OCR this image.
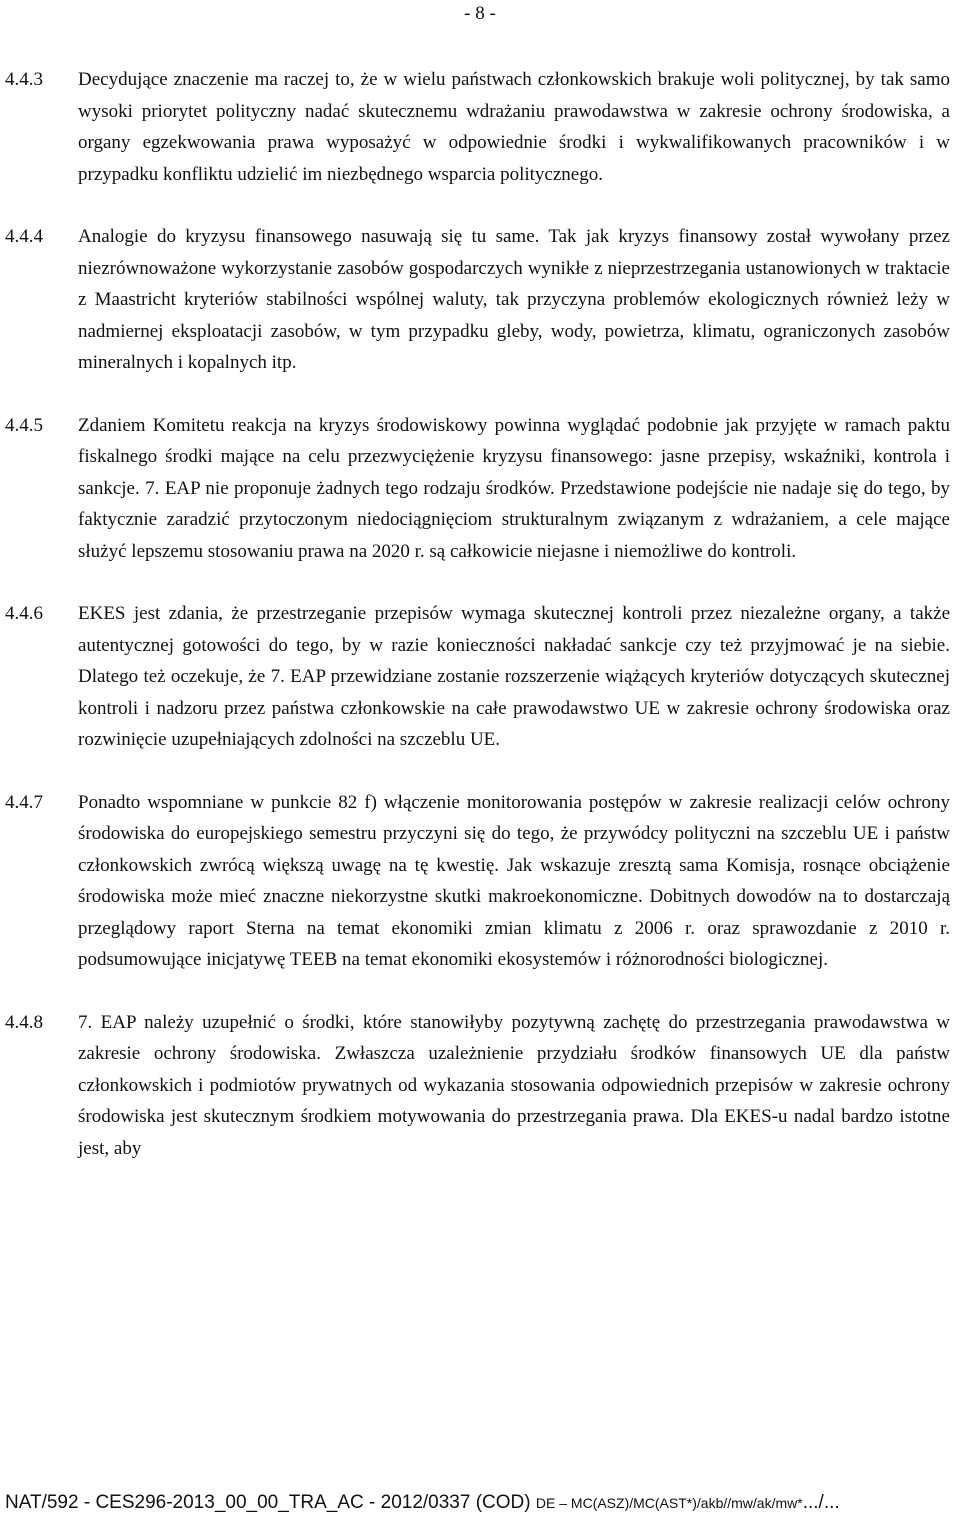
- 8 -
4.4.3	Decydujące znaczenie ma raczej to, że w wielu państwach członkowskich brakuje woli politycznej, by tak samo wysoki priorytet polityczny nadać skutecznemu wdrażaniu prawodawstwa w zakresie ochrony środowiska, a organy egzekwowania prawa wyposażyć w odpowiednie środki i wykwalifikowanych pracowników i w przypadku konfliktu udzielić im niezbędnego wsparcia politycznego.
4.4.4	Analogie do kryzysu finansowego nasuwają się tu same. Tak jak kryzys finansowy został wywołany przez niezrównoważone wykorzystanie zasobów gospodarczych wynikłe z nieprzestrzegania ustanowionych w traktacie z Maastricht kryteriów stabilności wspólnej waluty, tak przyczyna problemów ekologicznych również leży w nadmiernej eksploatacji zasobów, w tym przypadku gleby, wody, powietrza, klimatu, ograniczonych zasobów mineralnych i kopalnych itp.
4.4.5	Zdaniem Komitetu reakcja na kryzys środowiskowy powinna wyglądać podobnie jak przyjęte w ramach paktu fiskalnego środki mające na celu przezwyciężenie kryzysu finansowego: jasne przepisy, wskaźniki, kontrola i sankcje. 7. EAP nie proponuje żadnych tego rodzaju środków. Przedstawione podejście nie nadaje się do tego, by faktycznie zaradzić przytoczonym niedociągnięciom strukturalnym związanym z wdrażaniem, a cele mające służyć lepszemu stosowaniu prawa na 2020 r. są całkowicie niejasne i niemożliwe do kontroli.
4.4.6	EKES jest zdania, że przestrzeganie przepisów wymaga skutecznej kontroli przez niezależne organy, a także autentycznej gotowości do tego, by w razie konieczności nakładać sankcje czy też przyjmować je na siebie. Dlatego też oczekuje, że 7. EAP przewidziane zostanie rozszerzenie wiążących kryteriów dotyczących skutecznej kontroli i nadzoru przez państwa członkowskie na całe prawodawstwo UE w zakresie ochrony środowiska oraz rozwinięcie uzupełniających zdolności na szczeblu UE.
4.4.7	Ponadto wspomniane w punkcie 82 f) włączenie monitorowania postępów w zakresie realizacji celów ochrony środowiska do europejskiego semestru przyczyni się do tego, że przywódcy polityczni na szczeblu UE i państw członkowskich zwrócą większą uwagę na tę kwestię. Jak wskazuje zresztą sama Komisja, rosnące obciążenie środowiska może mieć znaczne niekorzystne skutki makroekonomiczne. Dobitnych dowodów na to dostarczają przeglądowy raport Sterna na temat ekonomiki zmian klimatu z 2006 r. oraz sprawozdanie z 2010 r. podsumowujące inicjatywę TEEB na temat ekonomiki ekosystemów i różnorodności biologicznej.
4.4.8	7. EAP należy uzupełnić o środki, które stanowiłyby pozytywną zachętę do przestrzegania prawodawstwa w zakresie ochrony środowiska. Zwłaszcza uzależnienie przydziału środków finansowych UE dla państw członkowskich i podmiotów prywatnych od wykazania stosowania odpowiednich przepisów w zakresie ochrony środowiska jest skutecznym środkiem motywowania do przestrzegania prawa. Dla EKES-u nadal bardzo istotne jest, aby
NAT/592 - CES296-2013_00_00_TRA_AC - 2012/0337 (COD) DE – MC(ASZ)/MC(AST*)/akb//mw/ak/mw*.../...
